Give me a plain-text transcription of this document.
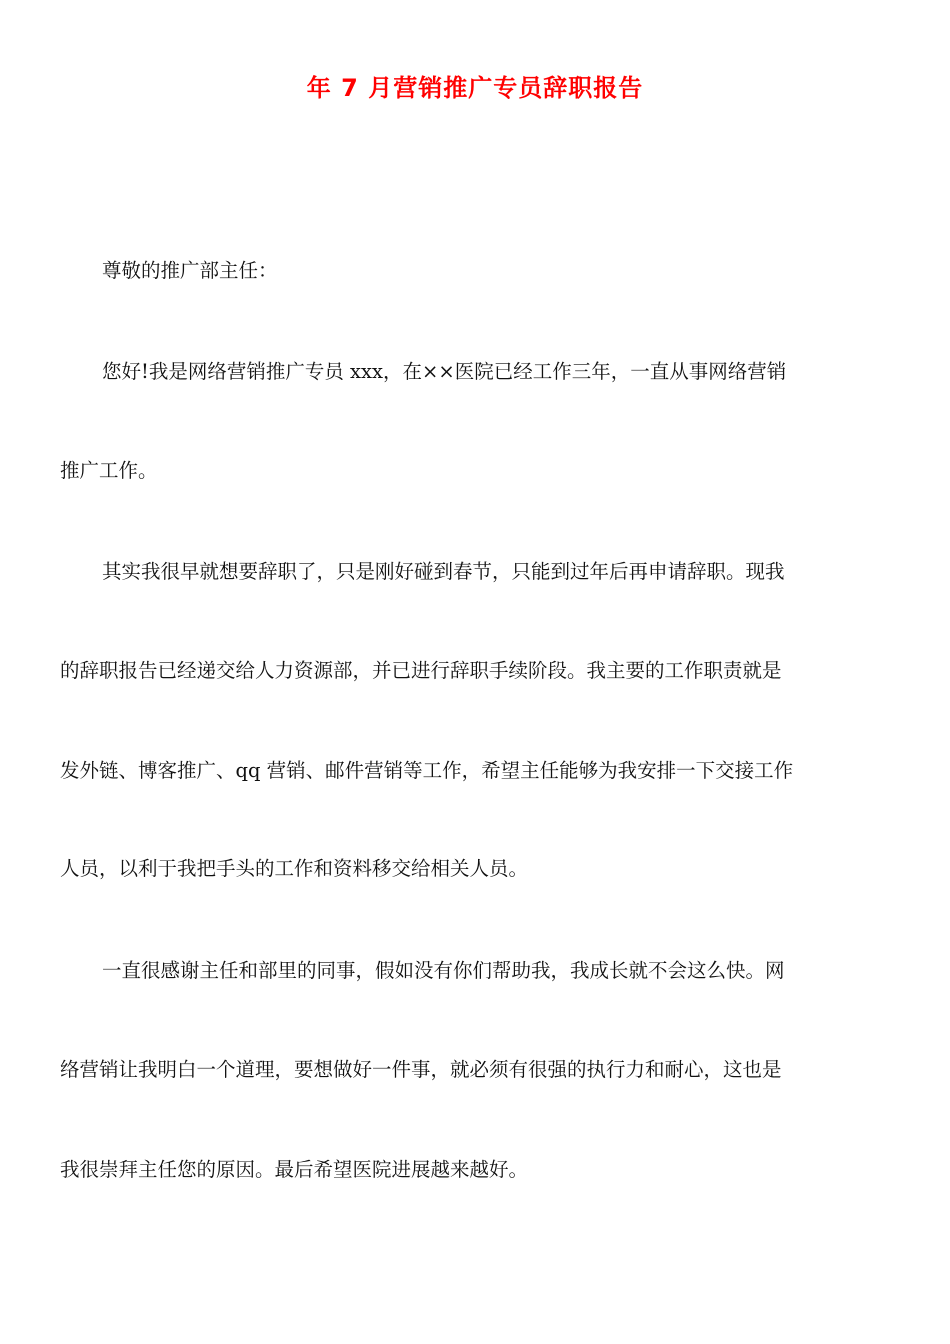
年 7 月营销推广专员辞职报告

尊敬的推广部主任：

您好!我是网络营销推广专员 xxx，在××医院已经工作三年，一直从事网络营销

推广工作。

其实我很早就想要辞职了，只是刚好碰到春节，只能到过年后再申请辞职。现我

的辞职报告已经递交给人力资源部，并已进行辞职手续阶段。我主要的工作职责就是

发外链、博客推广、qq 营销、邮件营销等工作，希望主任能够为我安排一下交接工作

人员，以利于我把手头的工作和资料移交给相关人员。

一直很感谢主任和部里的同事，假如没有你们帮助我，我成长就不会这么快。网

络营销让我明白一个道理，要想做好一件事，就必须有很强的执行力和耐心，这也是

我很崇拜主任您的原因。最后希望医院进展越来越好。
